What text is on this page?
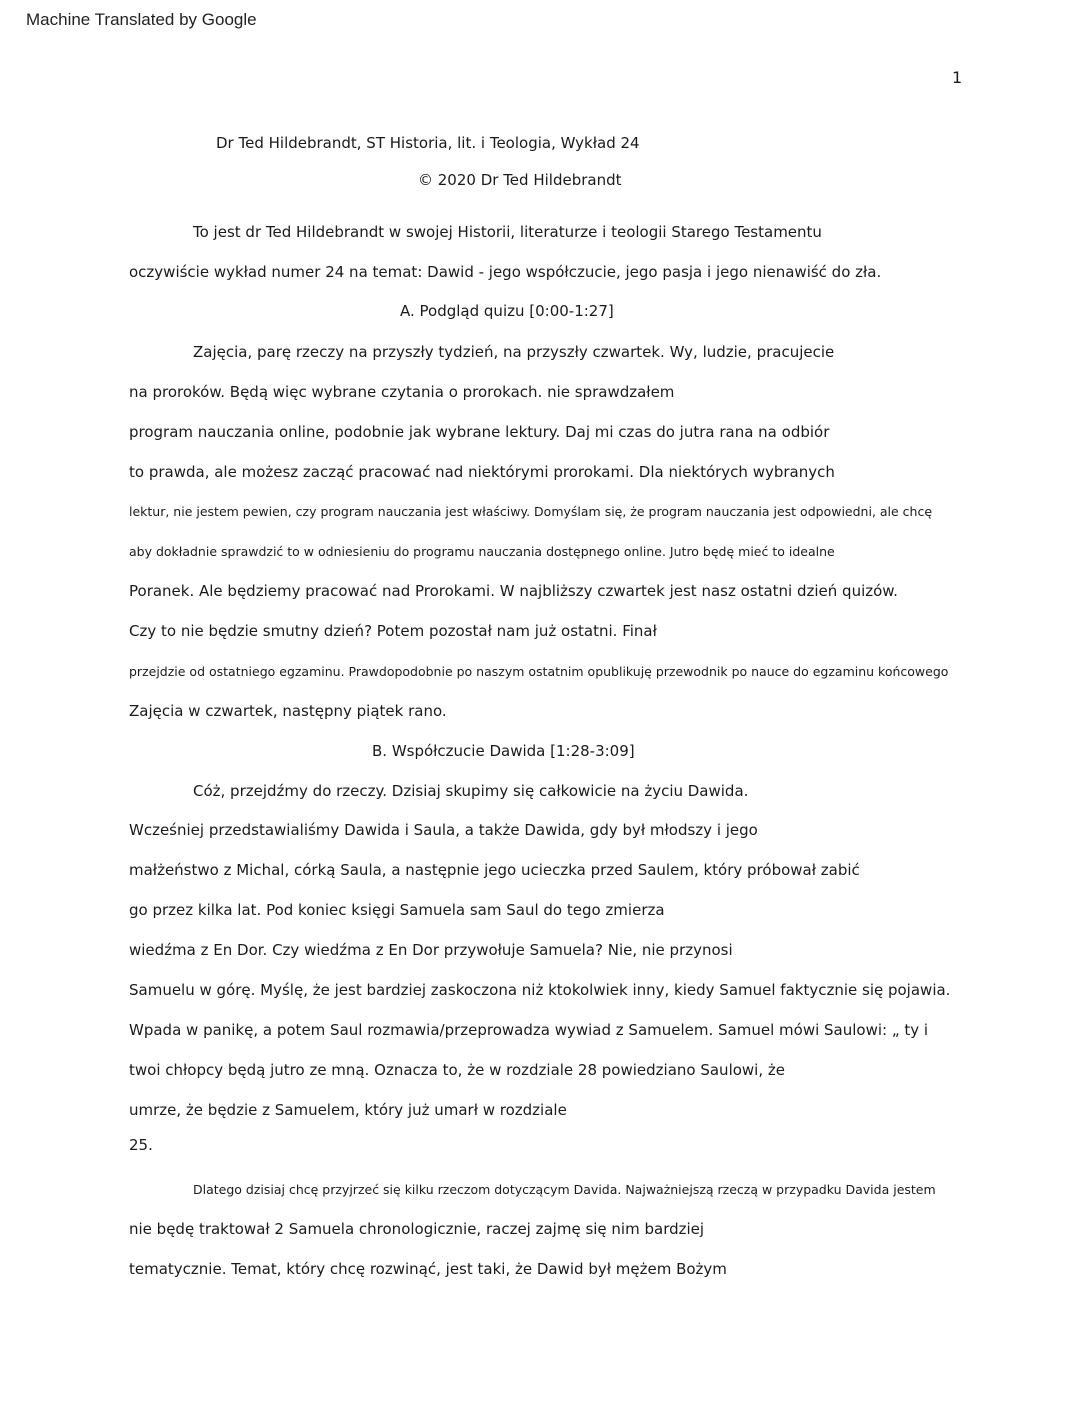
Machine Translated by Google
1
Dr Ted Hildebrandt, ST Historia, lit. i Teologia, Wykład 24
© 2020 Dr Ted Hildebrandt
To jest dr Ted Hildebrandt w swojej Historii, literaturze i teologii Starego Testamentu
oczywiście wykład numer 24 na temat: Dawid - jego współczucie, jego pasja i jego nienawiść do zła.
A. Podgląd quizu [0:00-1:27]
Zajęcia, parę rzeczy na przyszły tydzień, na przyszły czwartek. Wy, ludzie, pracujecie
na proroków. Będą więc wybrane czytania o prorokach. nie sprawdzałem
program nauczania online, podobnie jak wybrane lektury. Daj mi czas do jutra rana na odbiór
to prawda, ale możesz zacząć pracować nad niektórymi prorokami. Dla niektórych wybranych
lektur, nie jestem pewien, czy program nauczania jest właściwy. Domyślam się, że program nauczania jest odpowiedni, ale chcę
aby dokładnie sprawdzić to w odniesieniu do programu nauczania dostępnego online. Jutro będę mieć to idealne
Poranek. Ale będziemy pracować nad Prorokami. W najbliższy czwartek jest nasz ostatni dzień quizów.
Czy to nie będzie smutny dzień? Potem pozostał nam już ostatni. Finał
przejdzie od ostatniego egzaminu. Prawdopodobnie po naszym ostatnim opublikuję przewodnik po nauce do egzaminu końcowego
Zajęcia w czwartek, następny piątek rano.
B. Współczucie Dawida [1:28-3:09]
Cóż, przejdźmy do rzeczy. Dzisiaj skupimy się całkowicie na życiu Dawida.
Wcześniej przedstawialiśmy Dawida i Saula, a także Dawida, gdy był młodszy i jego
małżeństwo z Michal, córką Saula, a następnie jego ucieczka przed Saulem, który próbował zabić
go przez kilka lat. Pod koniec księgi Samuela sam Saul do tego zmierza
wiedźma z En Dor. Czy wiedźma z En Dor przywołuje Samuela? Nie, nie przynosi
Samuelu w górę. Myślę, że jest bardziej zaskoczona niż ktokolwiek inny, kiedy Samuel faktycznie się pojawia.
Wpada w panikę, a potem Saul rozmawia/przeprowadza wywiad z Samuelem. Samuel mówi Saulowi: „ ty i
twoi chłopcy będą jutro ze mną. Oznacza to, że w rozdziale 28 powiedziano Saulowi, że
umrze, że będzie z Samuelem, który już umarł w rozdziale
25.
Dlatego dzisiaj chcę przyjrzeć się kilku rzeczom dotyczącym Davida. Najważniejszą rzeczą w przypadku Davida jestem
nie będę traktował 2 Samuela chronologicznie, raczej zajmę się nim bardziej
tematycznie. Temat, który chcę rozwinąć, jest taki, że Dawid był mężem Bożym
